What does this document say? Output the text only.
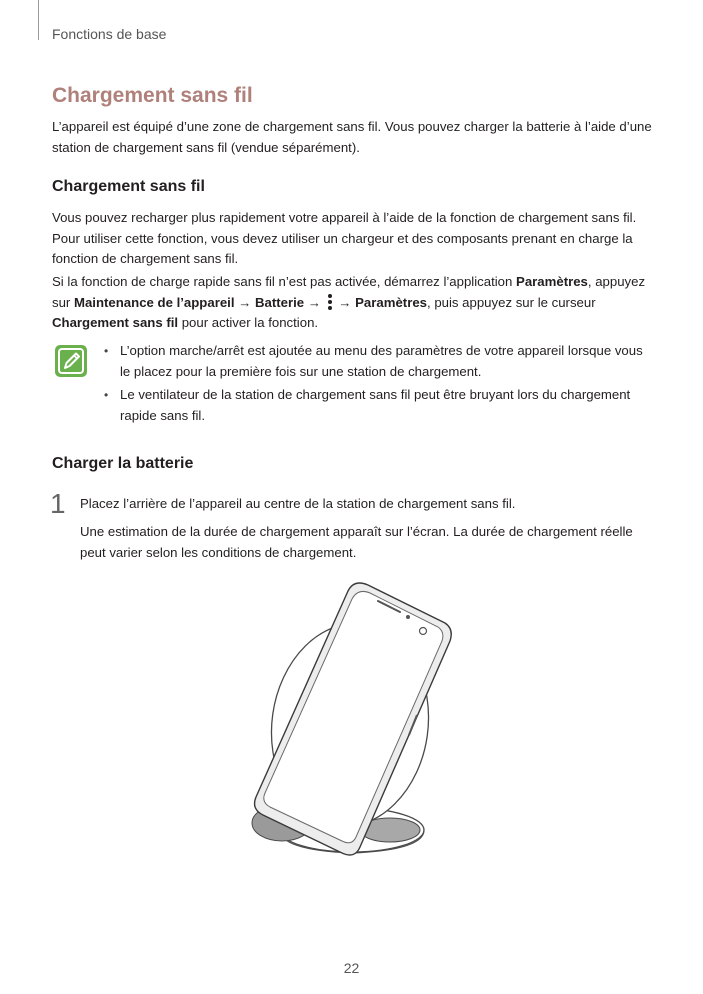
Fonctions de base
Chargement sans fil

L’appareil est équipé d’une zone de chargement sans fil. Vous pouvez charger la batterie à l’aide d’une station de chargement sans fil (vendue séparément).

Chargement sans fil

Vous pouvez recharger plus rapidement votre appareil à l’aide de la fonction de chargement sans fil. Pour utiliser cette fonction, vous devez utiliser un chargeur et des composants prenant en charge la fonction de chargement sans fil.

Si la fonction de charge rapide sans fil n’est pas activée, démarrez l’application Paramètres, appuyez sur Maintenance de l’appareil → Batterie →  → Paramètres, puis appuyez sur le curseur Chargement sans fil pour activer la fonction.

• L’option marche/arrêt est ajoutée au menu des paramètres de votre appareil lorsque vous le placez pour la première fois sur une station de chargement.
• Le ventilateur de la station de chargement sans fil peut être bruyant lors du chargement rapide sans fil.
Charger la batterie
1 Placez l’arrière de l’appareil au centre de la station de chargement sans fil.

Une estimation de la durée de chargement apparaît sur l’écran. La durée de chargement réelle peut varier selon les conditions de chargement.

22
